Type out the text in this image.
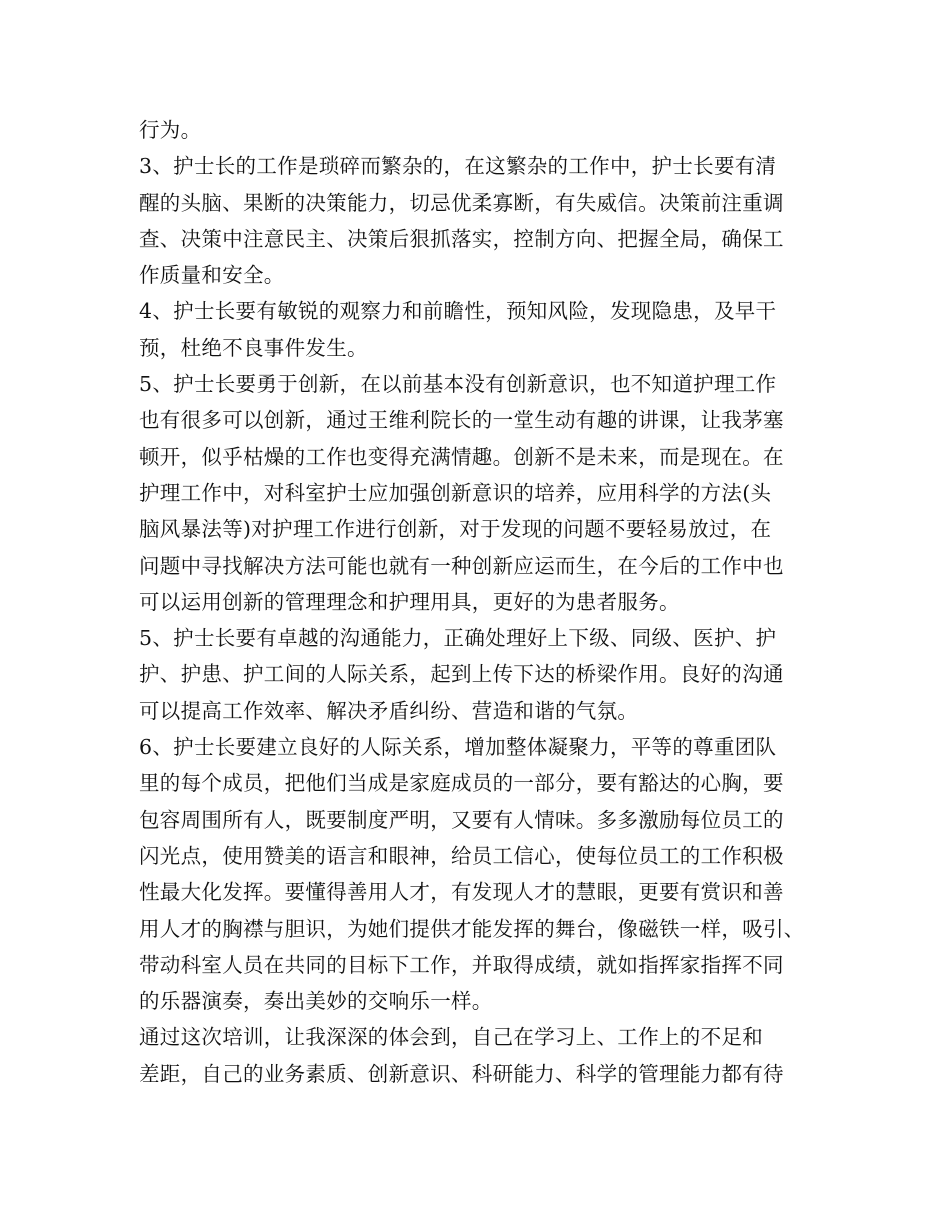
行为。
3、护士长的工作是琐碎而繁杂的，在这繁杂的工作中，护士长要有清
醒的头脑、果断的决策能力，切忌优柔寡断，有失威信。决策前注重调
查、决策中注意民主、决策后狠抓落实，控制方向、把握全局，确保工
作质量和安全。
4、护士长要有敏锐的观察力和前瞻性，预知风险，发现隐患，及早干
预，杜绝不良事件发生。
5、护士长要勇于创新，在以前基本没有创新意识，也不知道护理工作
也有很多可以创新，通过王维利院长的一堂生动有趣的讲课，让我茅塞
顿开，似乎枯燥的工作也变得充满情趣。创新不是未来，而是现在。在
护理工作中，对科室护士应加强创新意识的培养，应用科学的方法(头
脑风暴法等)对护理工作进行创新，对于发现的问题不要轻易放过，在
问题中寻找解决方法可能也就有一种创新应运而生，在今后的工作中也
可以运用创新的管理理念和护理用具，更好的为患者服务。
5、护士长要有卓越的沟通能力，正确处理好上下级、同级、医护、护
护、护患、护工间的人际关系，起到上传下达的桥梁作用。良好的沟通
可以提高工作效率、解决矛盾纠纷、营造和谐的气氛。
6、护士长要建立良好的人际关系，增加整体凝聚力，平等的尊重团队
里的每个成员，把他们当成是家庭成员的一部分，要有豁达的心胸，要
包容周围所有人，既要制度严明，又要有人情味。多多激励每位员工的
闪光点，使用赞美的语言和眼神，给员工信心，使每位员工的工作积极
性最大化发挥。要懂得善用人才，有发现人才的慧眼，更要有赏识和善
用人才的胸襟与胆识，为她们提供才能发挥的舞台，像磁铁一样，吸引、
带动科室人员在共同的目标下工作，并取得成绩，就如指挥家指挥不同
的乐器演奏，奏出美妙的交响乐一样。
通过这次培训，让我深深的体会到，自己在学习上、工作上的不足和
差距，自己的业务素质、创新意识、科研能力、科学的管理能力都有待
